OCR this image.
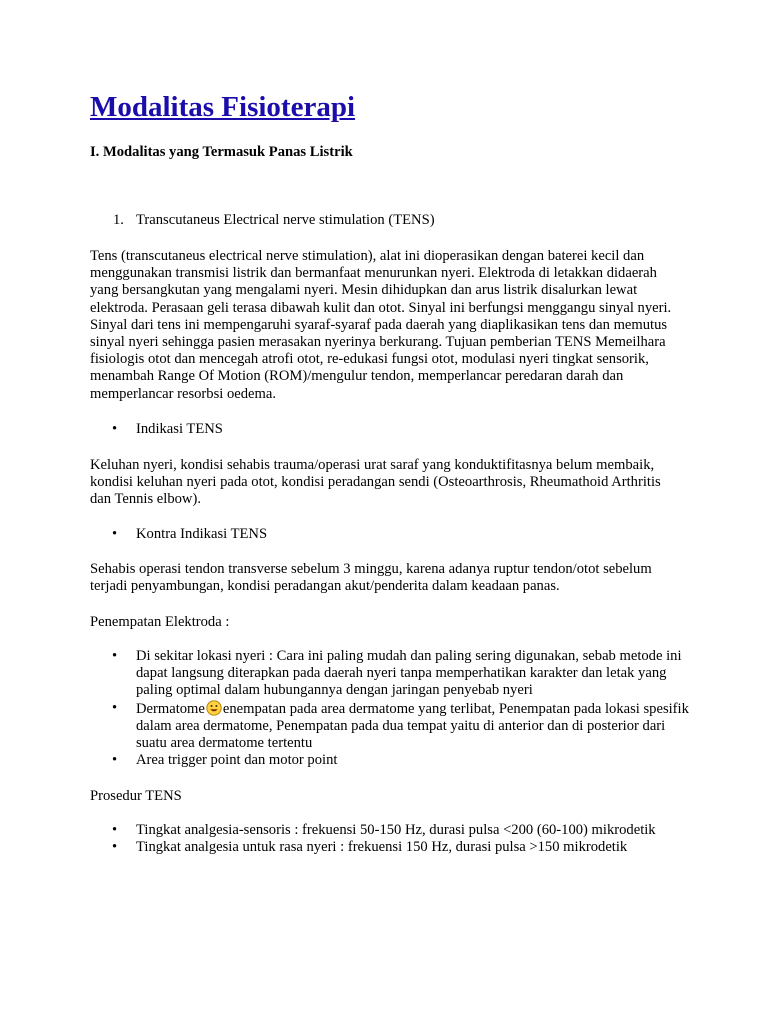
Modalitas Fisioterapi

I. Modalitas yang Termasuk Panas Listrik

1. Transcutaneus Electrical nerve stimulation (TENS)

Tens (transcutaneus electrical nerve stimulation), alat ini dioperasikan dengan baterei kecil dan menggunakan transmisi listrik dan bermanfaat menurunkan nyeri. Elektroda di letakkan didaerah yang bersangkutan yang mengalami nyeri. Mesin dihidupkan dan arus listrik disalurkan lewat elektroda. Perasaan geli terasa dibawah kulit dan otot. Sinyal ini berfungsi menggangu sinyal nyeri. Sinyal dari tens ini mempengaruhi syaraf-syaraf pada daerah yang diaplikasikan tens dan memutus sinyal nyeri sehingga pasien merasakan nyerinya berkurang. Tujuan pemberian TENS Memeilhara fisiologis otot dan mencegah atrofi otot, re-edukasi fungsi otot, modulasi nyeri tingkat sensorik, menambah Range Of Motion (ROM)/mengulur tendon, memperlancar peredaran darah dan memperlancar resorbsi oedema.

• Indikasi TENS

Keluhan nyeri, kondisi sehabis trauma/operasi urat saraf yang konduktifitasnya belum membaik, kondisi keluhan nyeri pada otot, kondisi peradangan sendi (Osteoarthrosis, Rheumathoid Arthritis dan Tennis elbow).

• Kontra Indikasi TENS

Sehabis operasi tendon transverse sebelum 3 minggu, karena adanya ruptur tendon/otot sebelum terjadi penyambungan, kondisi peradangan akut/penderita dalam keadaan panas.

Penempatan Elektroda :

• Di sekitar lokasi nyeri : Cara ini paling mudah dan paling sering digunakan, sebab metode ini dapat langsung diterapkan pada daerah nyeri tanpa memperhatikan karakter dan letak yang paling optimal dalam hubungannya dengan jaringan penyebab nyeri
• Dermatome enempatan pada area dermatome yang terlibat, Penempatan pada lokasi spesifik dalam area dermatome, Penempatan pada dua tempat yaitu di anterior dan di posterior dari suatu area dermatome tertentu
• Area trigger point dan motor point

Prosedur TENS

• Tingkat analgesia-sensoris : frekuensi 50-150 Hz, durasi pulsa <200 (60-100) mikrodetik
• Tingkat analgesia untuk rasa nyeri : frekuensi 150 Hz, durasi pulsa >150 mikrodetik
